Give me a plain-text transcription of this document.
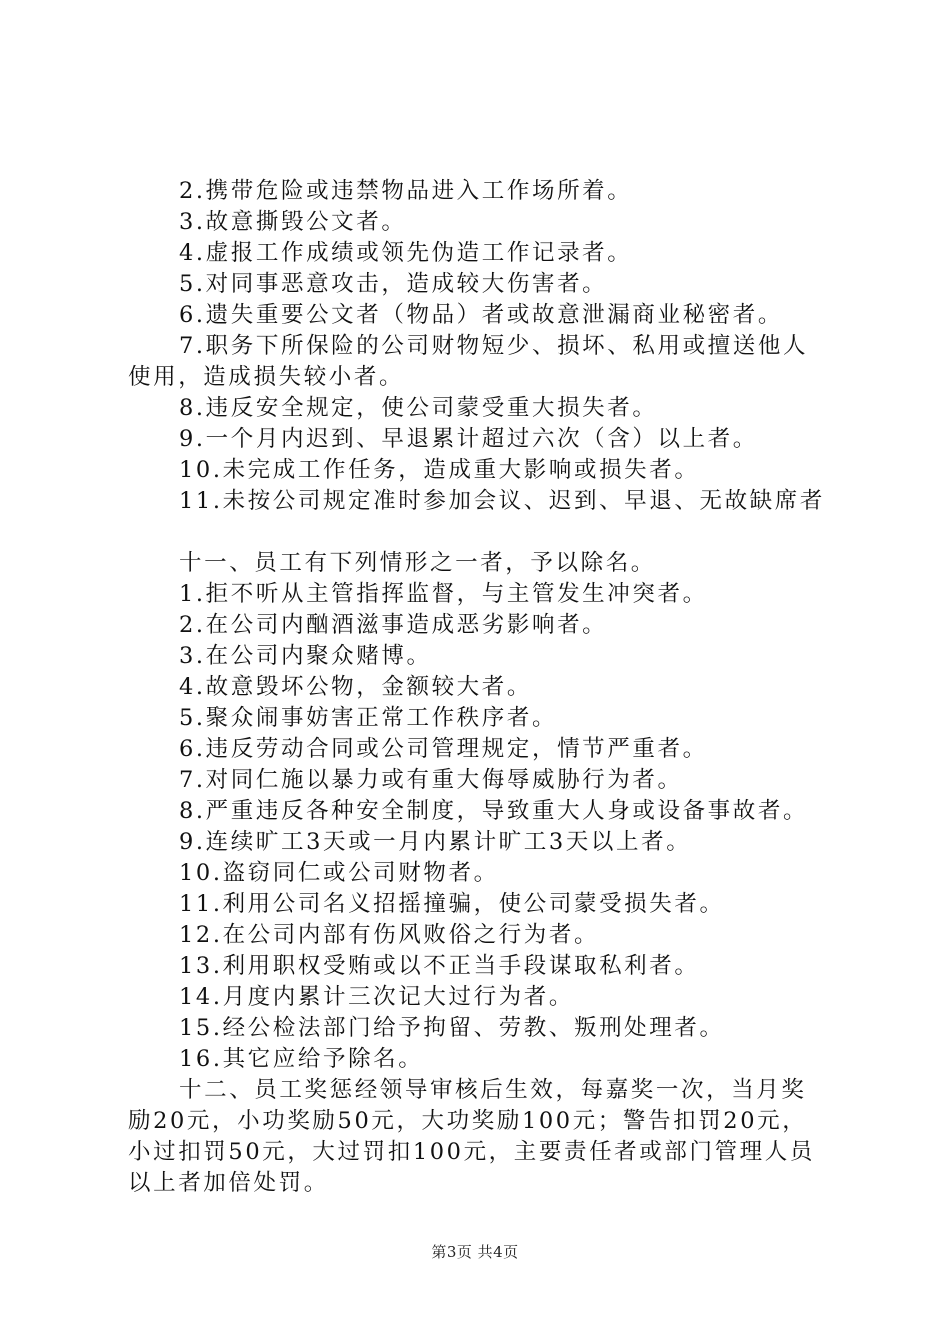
2.携带危险或违禁物品进入工作场所着。
3.故意撕毁公文者。
4.虚报工作成绩或领先伪造工作记录者。
5.对同事恶意攻击，造成较大伤害者。
6.遗失重要公文者（物品）者或故意泄漏商业秘密者。
7.职务下所保险的公司财物短少、损坏、私用或擅送他人
使用，造成损失较小者。
8.违反安全规定，使公司蒙受重大损失者。
9.一个月内迟到、早退累计超过六次（含）以上者。
10.未完成工作任务，造成重大影响或损失者。
11.未按公司规定准时参加会议、迟到、早退、无故缺席者
十一、员工有下列情形之一者，予以除名。
1.拒不听从主管指挥监督，与主管发生冲突者。
2.在公司内酗酒滋事造成恶劣影响者。
3.在公司内聚众赌博。
4.故意毁坏公物，金额较大者。
5.聚众闹事妨害正常工作秩序者。
6.违反劳动合同或公司管理规定，情节严重者。
7.对同仁施以暴力或有重大侮辱威胁行为者。
8.严重违反各种安全制度，导致重大人身或设备事故者。
9.连续旷工3天或一月内累计旷工3天以上者。
10.盗窃同仁或公司财物者。
11.利用公司名义招摇撞骗，使公司蒙受损失者。
12.在公司内部有伤风败俗之行为者。
13.利用职权受贿或以不正当手段谋取私利者。
14.月度内累计三次记大过行为者。
15.经公检法部门给予拘留、劳教、叛刑处理者。
16.其它应给予除名。
十二、员工奖惩经领导审核后生效，每嘉奖一次，当月奖
励20元，小功奖励50元，大功奖励100元；警告扣罚20元，
小过扣罚50元，大过罚扣100元，主要责任者或部门管理人员
以上者加倍处罚。
第3页 共4页
